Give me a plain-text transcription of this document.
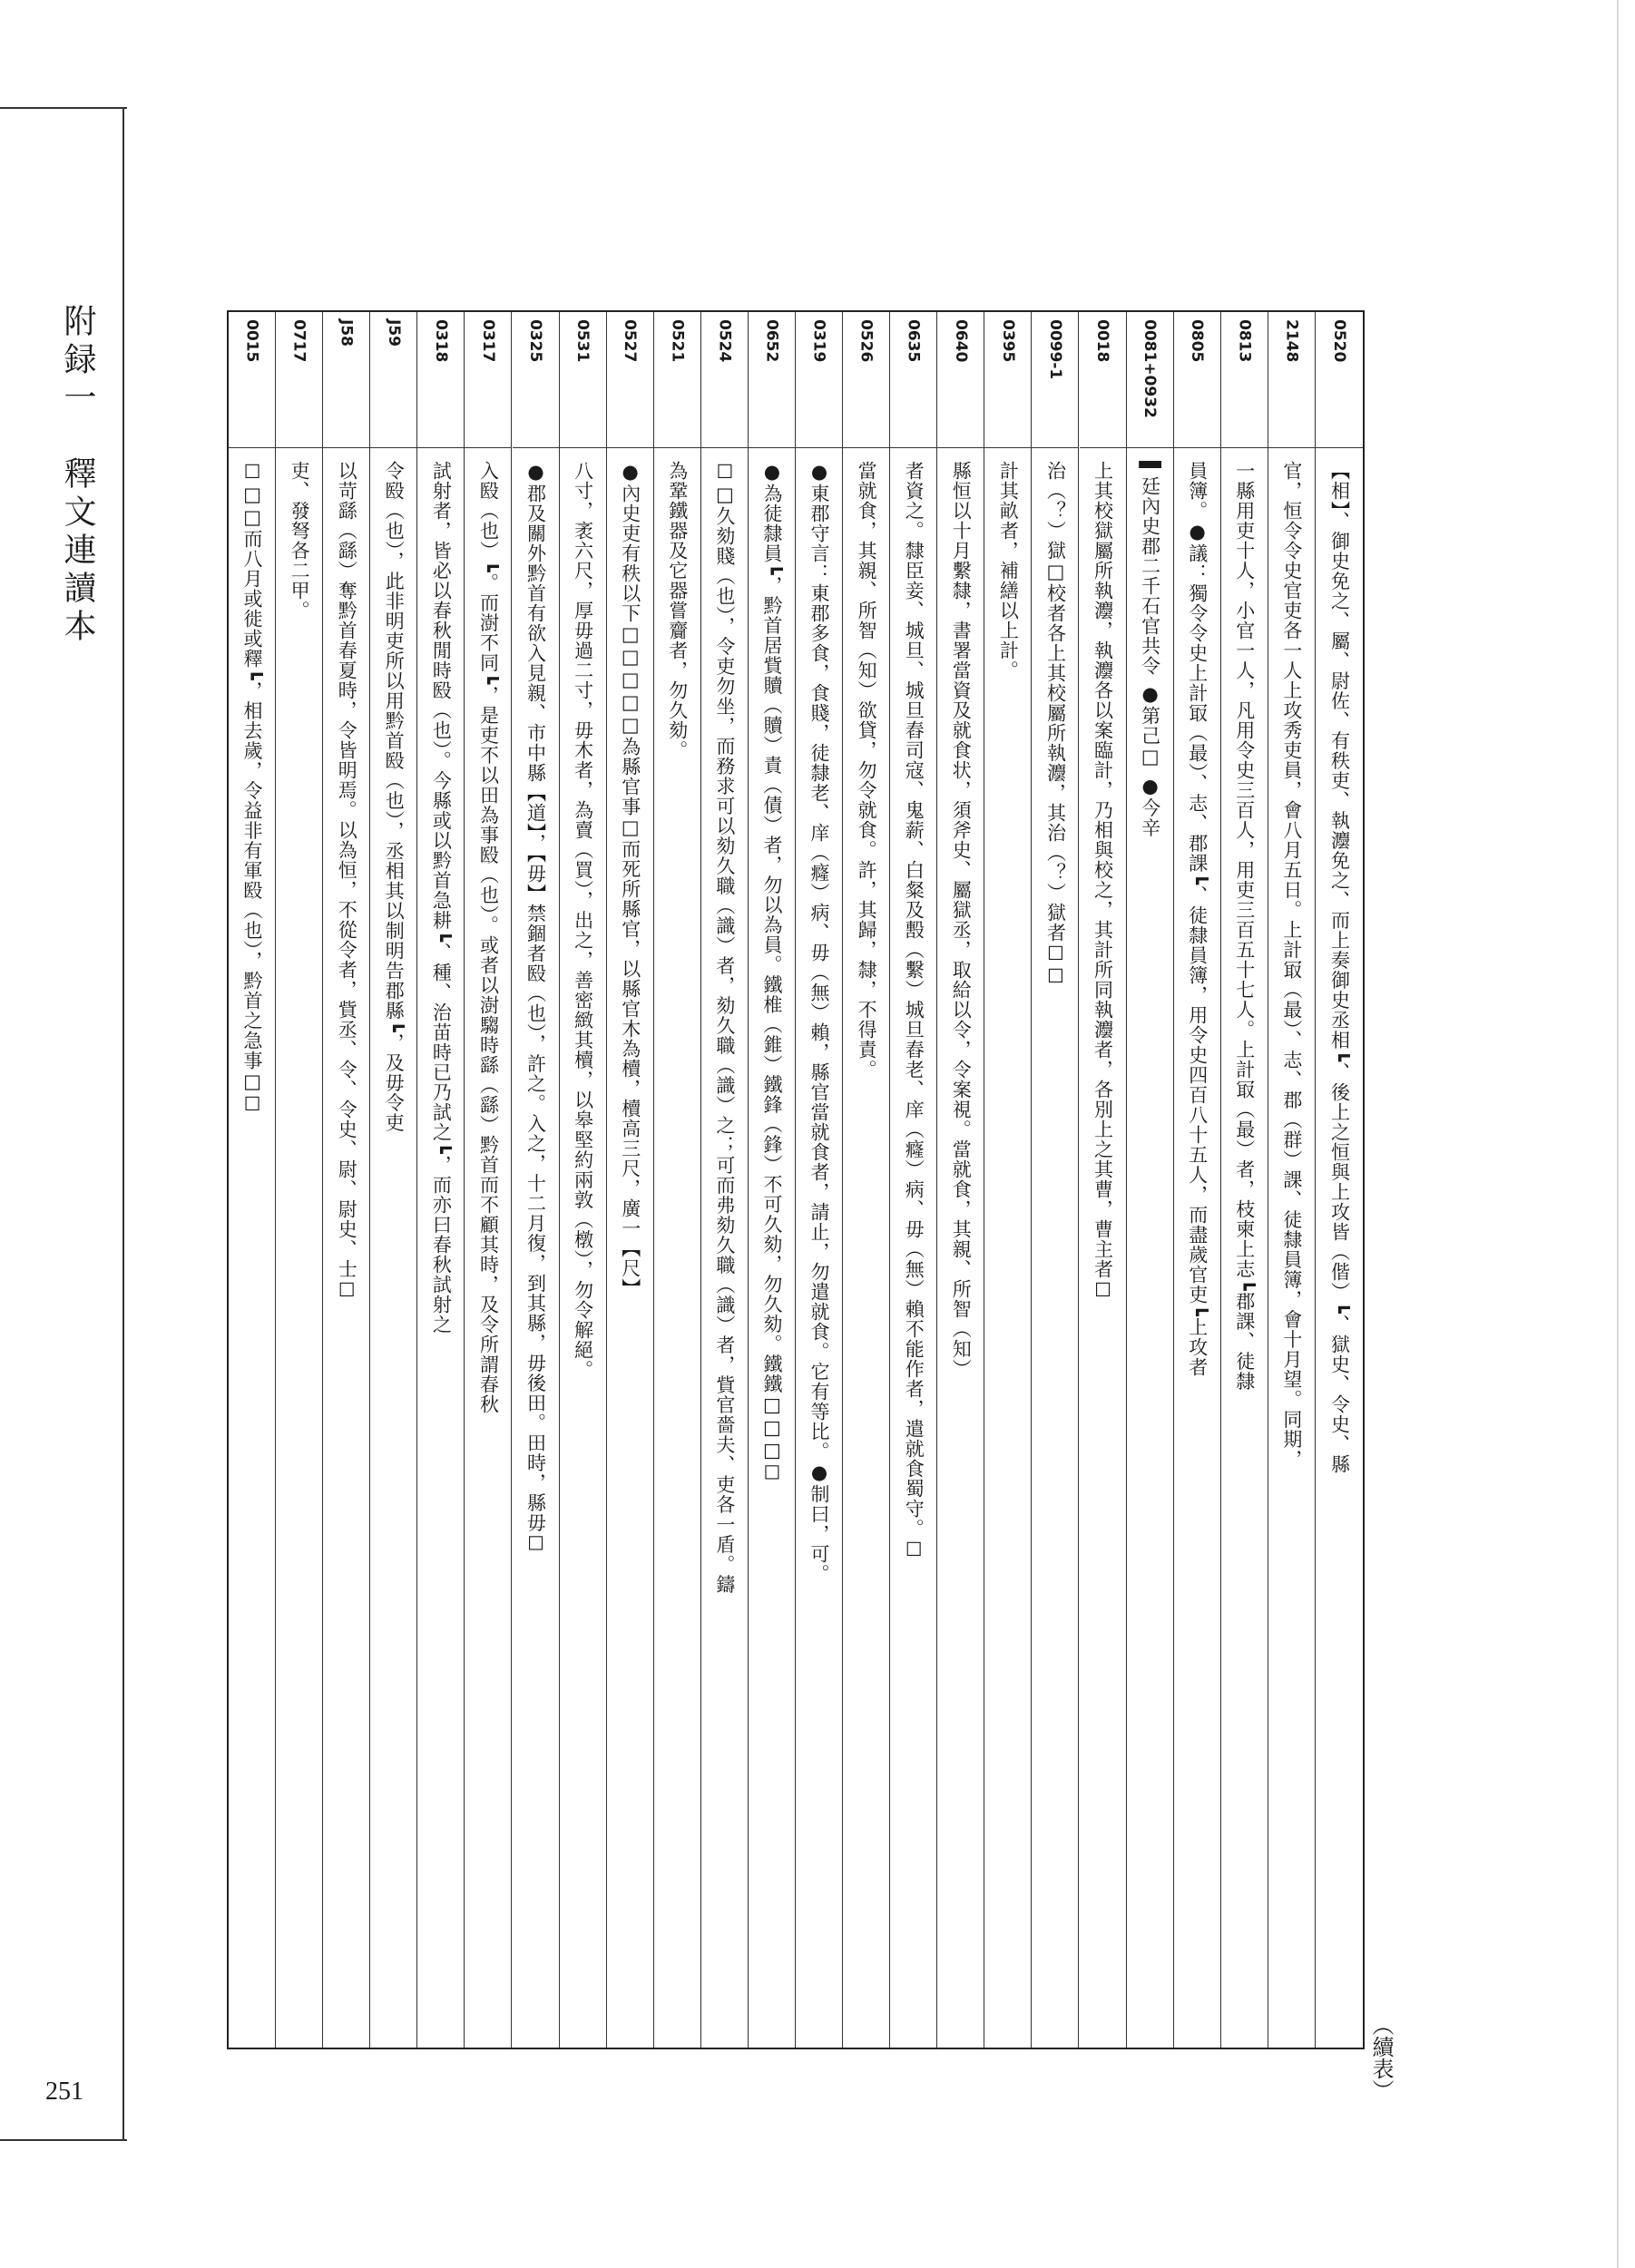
附録一　釋文連讀本
251
0520
【相】、御史免之、屬、尉佐、有秩吏、執灋免之、而上奏御史丞相┗、後上之恒與上攻皆（偕）┗、獄史、令史、縣
2148
官，恒令令史官吏各一人上攻秀吏員，會八月五日。上計冣（最）、志、郡（群）課、徒隸員簿，會十月望。同期，
0813
一縣用吏十人，小官一人，凡用令史三百人，用吏三百五十七人。上計冣（最）者，枝柬上志┗郡課、徒隸
0805
員簿。●議：獨令令史上計冣（最）、志、郡課┗、徒隸員簿，用令史四百八十五人，而盡歲官吏┗上攻者
0081+0932
▌廷內史郡二千石官共令 ●第己□ ●今辛
0018
上其校獄屬所執灋，執灋各以案臨計，乃相與校之，其計所同執灋者，各別上之其曹，曹主者☐
0099-1
治（？）獄□校者各上其校屬所執灋，其治（？）獄者☐☐
0395
計其畝者，補繕以上計。
0640
縣恒以十月繫隸，書署當資及就食状，須斧史、屬獄丞，取給以令，令案視。當就食，其親、所智（知）
0635
者資之。隸臣妾、城旦、城旦舂司寇、鬼薪、白粲及毄（繫）城旦舂老、庠（癃）病、毋（無）賴不能作者，遣就食蜀守。☐
0526
當就食，其親、所智（知）欲貸，勿令就食。許，其歸，隸，不得責。
0319
●東郡守言：東郡多食，食賤，徒隸老、庠（癃）病、毋（無）賴，縣官當就食者，請止，勿遣就食。它有等比。●制曰，可。
0652
●為徒隸員┗，黔首居貲贖（贖）責（債）者，勿以為員。鐵椎（錐）鐵鋒（鋒）不可久劾，勿久劾。鐵鐵□□□☐
0524
☐□久劾賤（也），令吏勿坐，而務求可以劾久職（識）者，劾久職（識）之；可而弗劾久職（識）者，貲官嗇夫、吏各一盾。鑄
0521
為鞏鐵器及它器嘗齎者，勿久劾。
0527
●內史吏有秩以下□□□□□為縣官事□而死所縣官，以縣官木為櫝，櫝高三尺，廣一【尺】
0531
八寸，袤六尺，厚毋過二寸，毋木者，為賣（買），出之，善密緻其櫝，以皋堅約兩敦（橔），勿令解絕。
0325
●郡及關外黔首有欲入見親、市中縣【道】，【毋】禁錮者殹（也），許之。入之，十二月復，到其縣，毋後田。田時，縣毋☐
0317
入殹（也）┗。而澍不同┗，是吏不以田為事殹（也）。或者以澍騶時繇（繇）黔首而不顧其時，及令所謂春秋
0318
試射者，皆必以春秋閒時殹（也）。今縣或以黔首急耕┗、種、治苗時已乃試之┗，而亦曰春秋試射之
J59
令殹（也），此非明吏所以用黔首殹（也），丞相其以制明告郡縣┗，及毋令吏
J58
以苛繇（繇）奪黔首春夏時，令皆明焉。以為恒，不從令者，貲丞、令、令史、尉、尉史、士☐
0717
吏、發弩各二甲。
0015
☐□□而八月或徙或釋┗，相去歲，令益非有軍殹（也），黔首之急事□☐
（續表）
